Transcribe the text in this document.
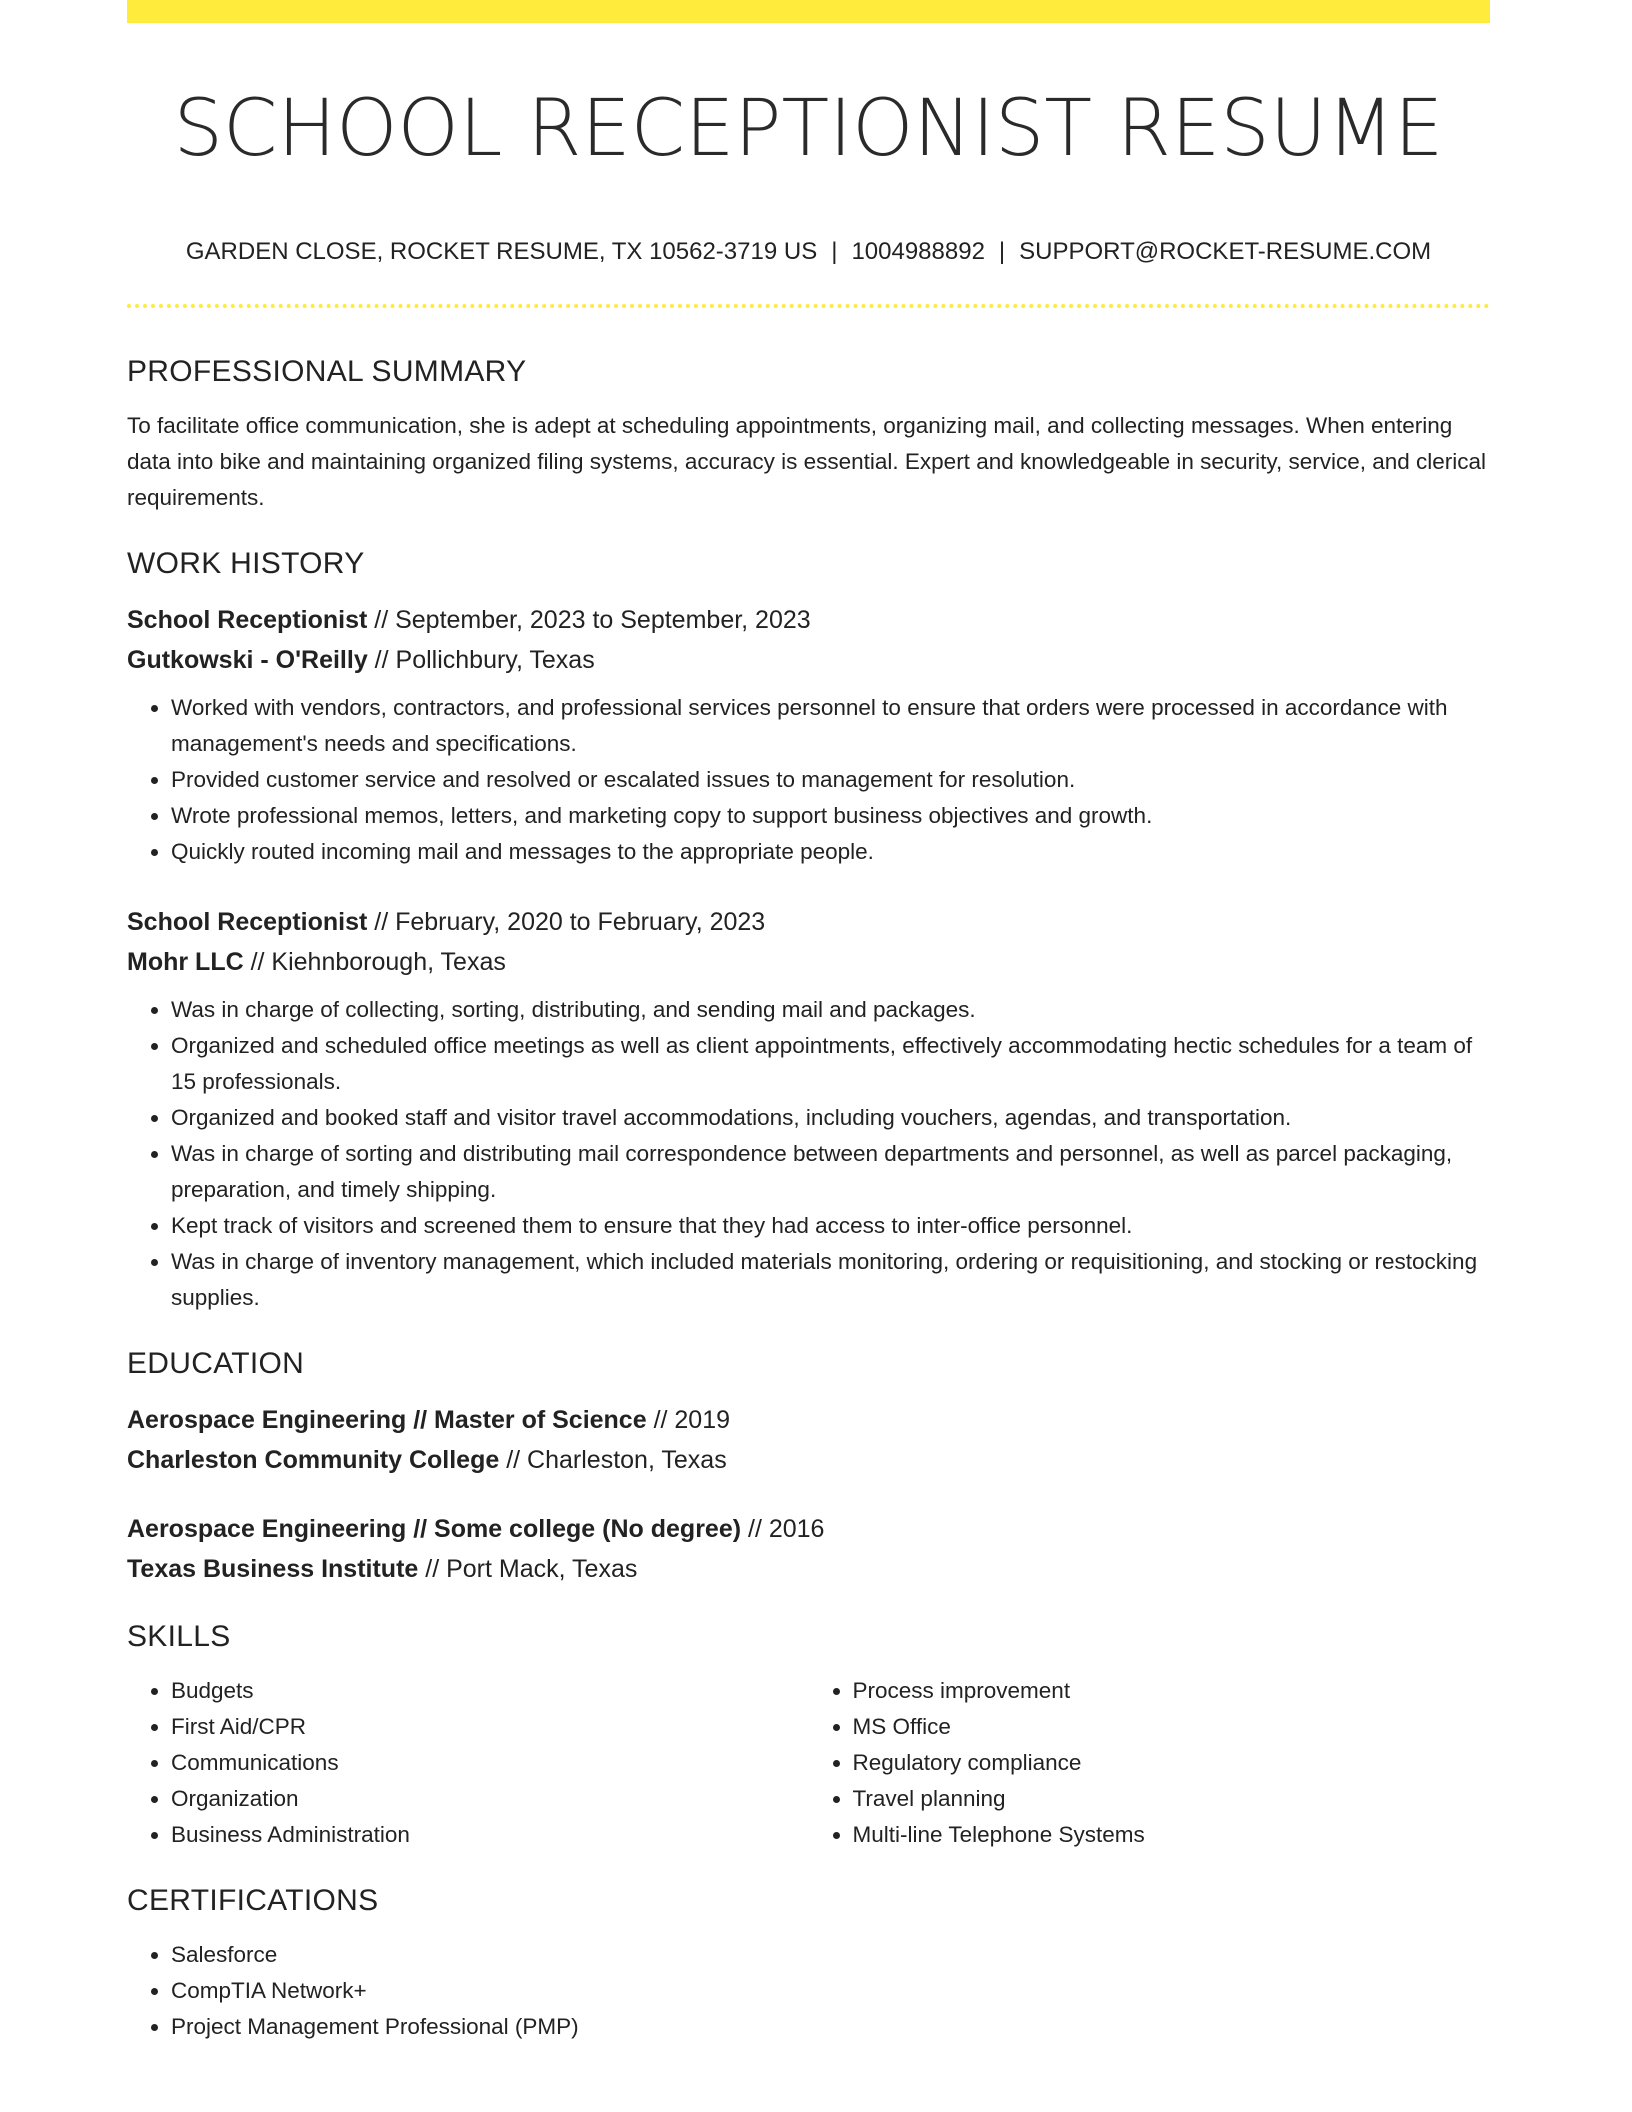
SCHOOL RECEPTIONIST RESUME
GARDEN CLOSE, ROCKET RESUME, TX 10562-3719 US | 1004988892 | SUPPORT@ROCKET-RESUME.COM
PROFESSIONAL SUMMARY

To facilitate office communication, she is adept at scheduling appointments, organizing mail, and collecting messages. When entering data into bike and maintaining organized filing systems, accuracy is essential. Expert and knowledgeable in security, service, and clerical requirements.

WORK HISTORY

School Receptionist // September, 2023 to September, 2023

Gutkowski - O'Reilly // Pollichbury, Texas

• Worked with vendors, contractors, and professional services personnel to ensure that orders were processed in accordance with management's needs and specifications.
• Provided customer service and resolved or escalated issues to management for resolution.
• Wrote professional memos, letters, and marketing copy to support business objectives and growth.
• Quickly routed incoming mail and messages to the appropriate people.

School Receptionist // February, 2020 to February, 2023

Mohr LLC // Kiehnborough, Texas

• Was in charge of collecting, sorting, distributing, and sending mail and packages.
• Organized and scheduled office meetings as well as client appointments, effectively accommodating hectic schedules for a team of 15 professionals.
• Organized and booked staff and visitor travel accommodations, including vouchers, agendas, and transportation.
• Was in charge of sorting and distributing mail correspondence between departments and personnel, as well as parcel packaging, preparation, and timely shipping.
• Kept track of visitors and screened them to ensure that they had access to inter-office personnel.
• Was in charge of inventory management, which included materials monitoring, ordering or requisitioning, and stocking or restocking supplies.
EDUCATION

Aerospace Engineering // Master of Science // 2019

Charleston Community College // Charleston, Texas

Aerospace Engineering // Some college (No degree) // 2016

Texas Business Institute // Port Mack, Texas

SKILLS
• Budgets
• First Aid/CPR
• Communications
• Organization
• Business Administration
• Process improvement
• MS Office
• Regulatory compliance
• Travel planning
• Multi-line Telephone Systems
CERTIFICATIONS
• Salesforce
• CompTIA Network+
• Project Management Professional (PMP)
